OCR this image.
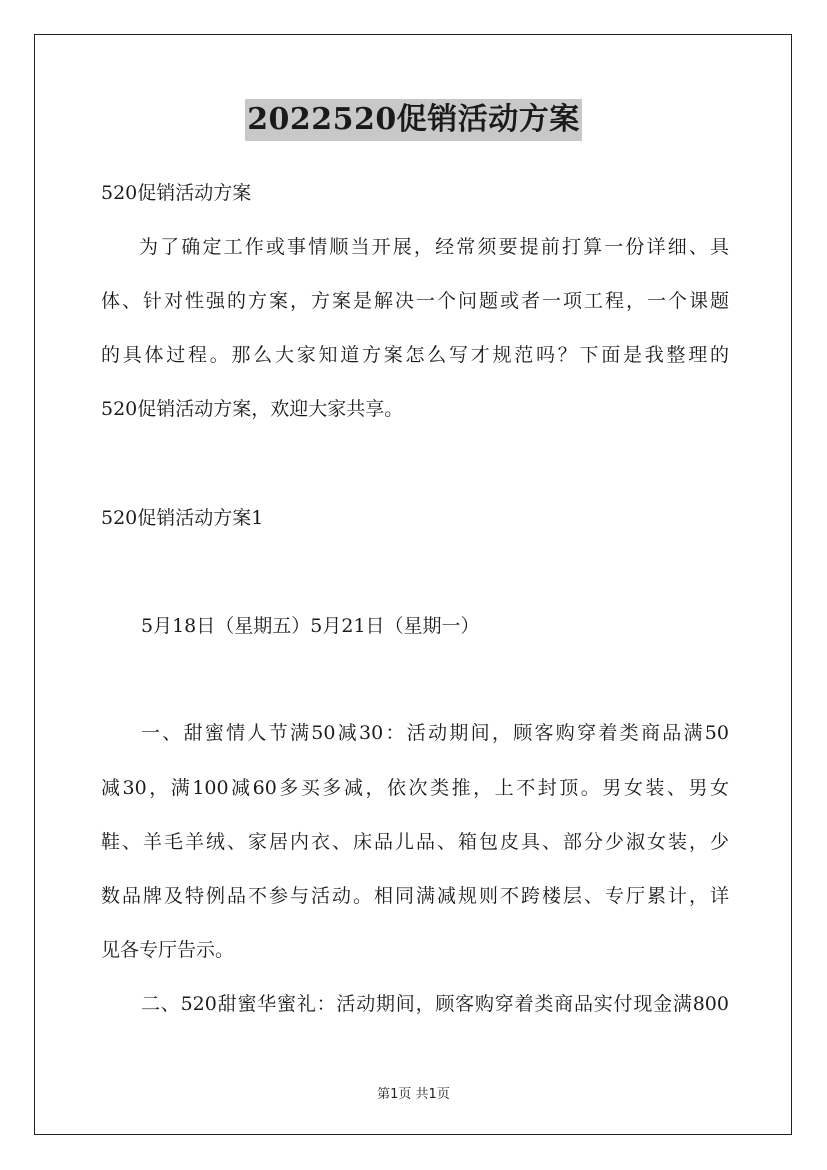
2022520促销活动方案
520促销活动方案
为了确定工作或事情顺当开展，经常须要提前打算一份详细、具
体、针对性强的方案，方案是解决一个问题或者一项工程，一个课题
的具体过程。那么大家知道方案怎么写才规范吗？下面是我整理的
520促销活动方案，欢迎大家共享。
520促销活动方案1
5月18日（星期五）5月21日（星期一）
一、甜蜜情人节满50减30：活动期间，顾客购穿着类商品满50
减30，满100减60多买多减，依次类推，上不封顶。男女装、男女
鞋、羊毛羊绒、家居内衣、床品儿品、箱包皮具、部分少淑女装，少
数品牌及特例品不参与活动。相同满减规则不跨楼层、专厅累计，详
见各专厅告示。
二、520甜蜜华蜜礼：活动期间，顾客购穿着类商品实付现金满800
第1页 共1页
